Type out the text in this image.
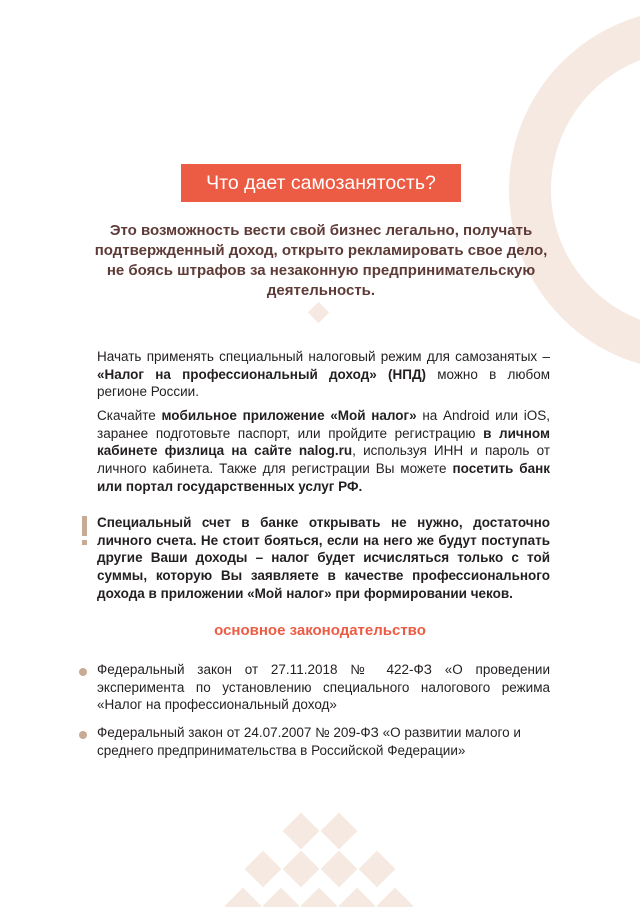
Что дает самозанятость?
Это возможность вести свой бизнес легально, получать подтвержденный доход, открыто рекламировать свое дело, не боясь штрафов за незаконную предпринимательскую деятельность.
Начать применять специальный налоговый режим для самозанятых – «Налог на профессиональный доход» (НПД) можно в любом регионе России.
Скачайте мобильное приложение «Мой налог» на Android или iOS, заранее подготовьте паспорт, или пройдите регистрацию в личном кабинете физлица на сайте nalog.ru, используя ИНН и пароль от личного кабинета. Также для регистрации Вы можете посетить банк или портал государственных услуг РФ.
Специальный счет в банке открывать не нужно, достаточно личного счета. Не стоит бояться, если на него же будут поступать другие Ваши доходы – налог будет исчисляться только с той суммы, которую Вы заявляете в качестве профессионального дохода в приложении «Мой налог» при формировании чеков.
основное законодательство
Федеральный закон от 27.11.2018 № 422-ФЗ «О проведении эксперимента по установлению специального налогового режима «Налог на профессиональный доход»
Федеральный закон от 24.07.2007 № 209-ФЗ «О развитии малого и среднего предпринимательства в Российской Федерации»
